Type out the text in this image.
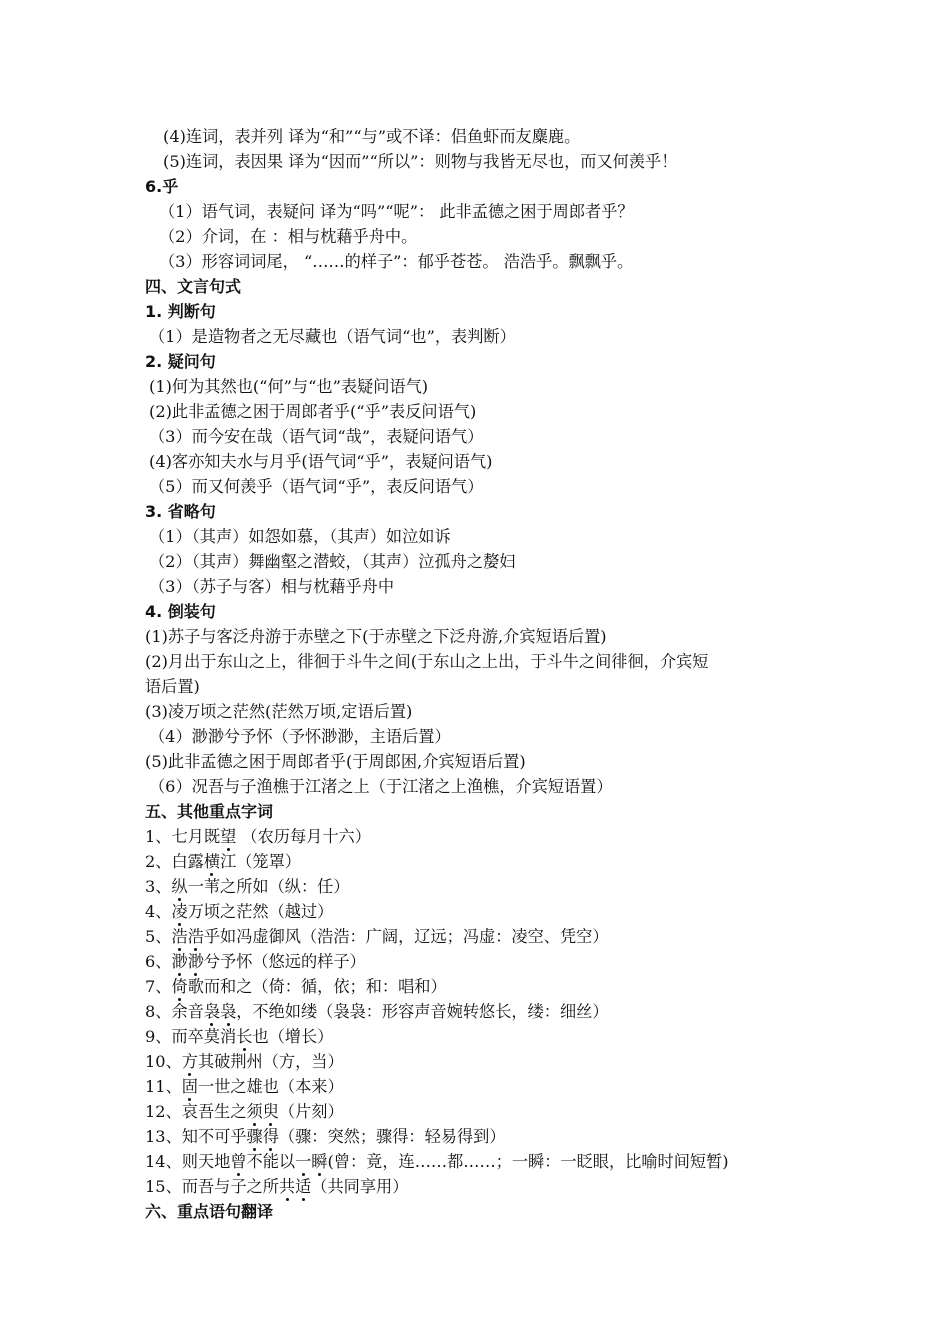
(4)连词，表并列 译为“和”“与”或不译：侣鱼虾而友麋鹿。
(5)连词，表因果 译为“因而”“所以”：则物与我皆无尽也，而又何羡乎！
6.乎
（1）语气词，表疑问 译为“吗”“呢”： 此非孟德之困于周郎者乎？
（2）介词，在 ：相与枕藉乎舟中。
（3）形容词词尾， “……的样子”：郁乎苍苍。 浩浩乎。飘飘乎。
四、文言句式
1. 判断句
（1）是造物者之无尽藏也（语气词“也”，表判断）
2. 疑问句
(1)何为其然也(“何”与“也”表疑问语气)
(2)此非孟德之困于周郎者乎(“乎”表反问语气)
（3）而今安在哉（语气词“哉”，表疑问语气）
(4)客亦知夫水与月乎(语气词“乎”，表疑问语气)
（5）而又何羡乎（语气词“乎”，表反问语气）
3. 省略句
（1）（其声）如怨如慕，（其声）如泣如诉
（2）（其声）舞幽壑之潜蛟，（其声）泣孤舟之嫠妇
（3）（苏子与客）相与枕藉乎舟中
4. 倒装句
(1)苏子与客泛舟游于赤壁之下(于赤壁之下泛舟游,介宾短语后置)
(2)月出于东山之上，徘徊于斗牛之间(于东山之上出，于斗牛之间徘徊，介宾短
语后置)
(3)凌万顷之茫然(茫然万顷,定语后置)
（4）渺渺兮予怀（予怀渺渺，主语后置）
(5)此非孟德之困于周郎者乎(于周郎困,介宾短语后置)
（6）况吾与子渔樵于江渚之上（于江渚之上渔樵，介宾短语置）
五、其他重点字词
1、七月既望 （农历每月十六）
2、白露横江（笼罩）
3、纵一苇之所如（纵：任）
4、凌万顷之茫然（越过）
5、浩浩乎如冯虚御风（浩浩：广阔，辽远；冯虚：凌空、凭空）
6、渺渺兮予怀（悠远的样子）
7、倚歌而和之（倚：循，依；和：唱和）
8、余音袅袅，不绝如缕（袅袅：形容声音婉转悠长，缕：细丝）
9、而卒莫消长也（增长）
10、方其破荆州（方，当）
11、固一世之雄也（本来）
12、哀吾生之须臾（片刻）
13、知不可乎骤得（骤：突然；骤得：轻易得到）
14、则天地曾不能以一瞬(曾：竟，连……都……；一瞬：一眨眼，比喻时间短暂)
15、而吾与子之所共适（共同享用）
六、重点语句翻译
